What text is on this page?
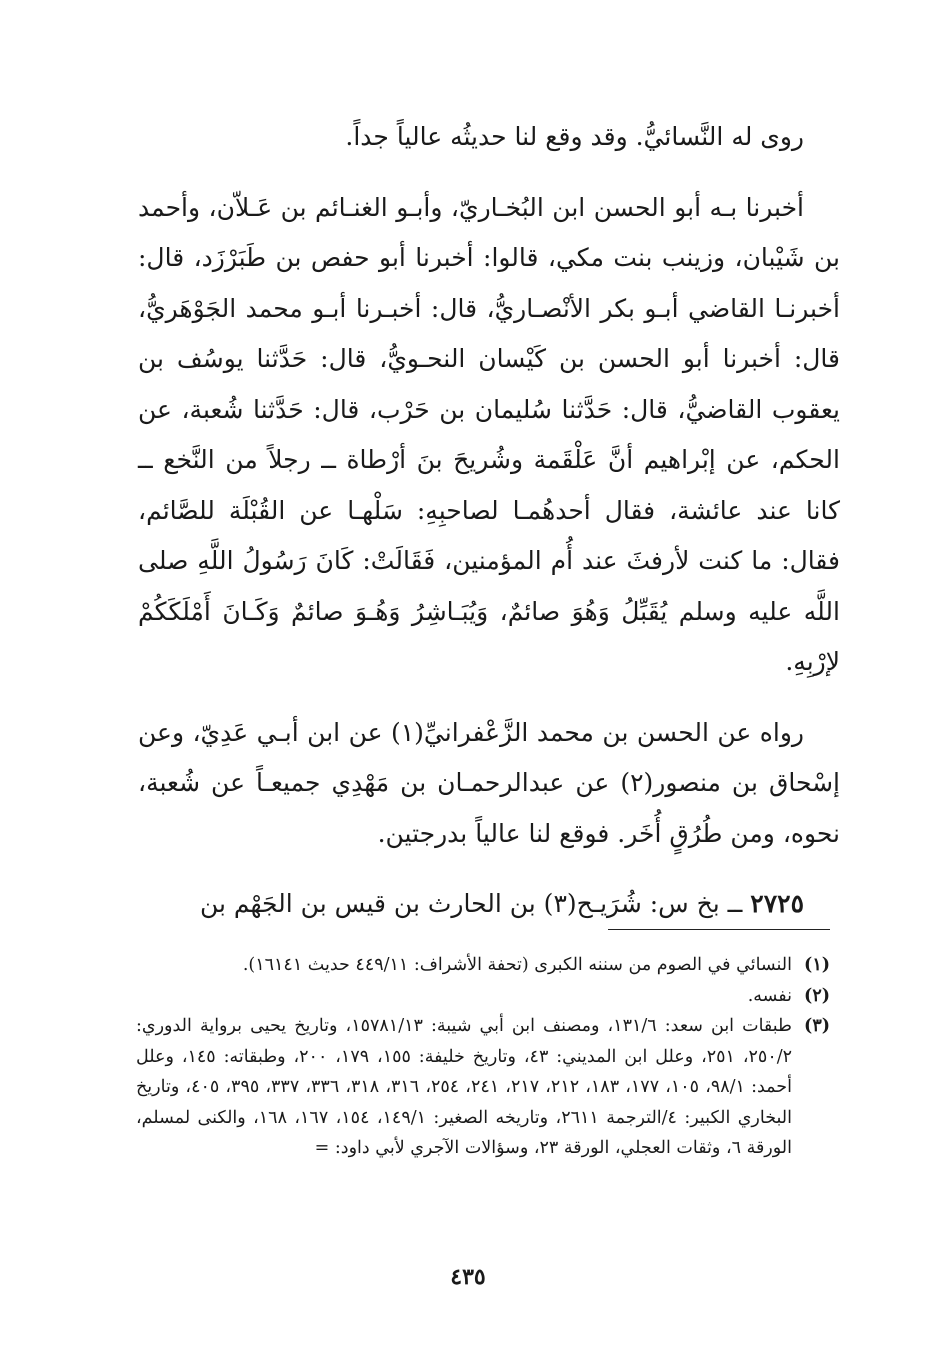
روى له النَّسائيُّ. وقد وقع لنا حديثُه عالياً جداً.

أخبرنا بـه أبو الحسن ابن البُخـاريّ، وأبـو الغنـائم بن عَـلاّن، وأحمد بن شَيْبان، وزينب بنت مكي، قالوا: أخبرنا أبو حفص بن طَبَرْزَد، قال: أخبرنـا القاضي أبـو بكر الأنْصـاريُّ، قال: أخبـرنا أبـو محمد الجَوْهَريُّ، قال: أخبرنا أبو الحسن بن كَيْسان النحـويُّ، قال: حَدَّثنا يوسُف بن يعقوب القاضيُّ، قال: حَدَّثنا سُليمان بن حَرْب، قال: حَدَّثنا شُعبة، عن الحكم، عن إبْراهيم أنَّ عَلْقَمة وشُريحَ بنَ أرْطاة ــ رجلاً من النَّخع ــ كانا عند عائشة، فقال أحدهُمـا لصاحبِهِ: سَلْهـا عن القُبْلَة للصَّائم، فقال: ما كنت لأرفثَ عند أُم المؤمنين، فَقَالَتْ: كَانَ رَسُولُ اللَّهِ صلى اللَّه عليه وسلم يُقَبِّلُ وَهُوَ صائمٌ، وَيُبَـاشِرُ وَهُـوَ صائمٌ وَكَـانَ أَمْلَكَكُمْ لإرْبِهِ.

رواه عن الحسن بن محمد الزَّعْفرانيِّ(١) عن ابن أبـي عَدِيّ، وعن إسْحاق بن منصور(٢) عن عبدالرحمـان بن مَهْدِي جميعـاً عن شُعبة، نحوه، ومن طُرُقٍ أُخَر. فوقع لنا عالياً بدرجتين.

٢٧٢٥ ــ بخ س: شُرَيـح(٣) بن الحارث بن قيس بن الجَهْم بن

(١)
النسائي في الصوم من سننه الكبرى (تحفة الأشراف: ٤٤٩/١١ حديث ١٦١٤١).

(٢)
نفسه.

(٣)
طبقات ابن سعد: ١٣١/٦، ومصنف ابن أبي شيبة: ١٥٧٨١/١٣، وتاريخ يحيى برواية الدوري: ٢٥٠/٢، ٢٥١، وعلل ابن المديني: ٤٣، وتاريخ خليفة: ١٥٥، ١٧٩، ٢٠٠، وطبقاته: ١٤٥، وعلل أحمد: ٩٨/١، ١٠٥، ١٧٧، ١٨٣، ٢١٢، ٢١٧، ٢٤١، ٢٥٤، ٣١٦، ٣١٨، ٣٣٦، ٣٣٧، ٣٩٥، ٤٠٥، وتاريخ البخاري الكبير: ٤/الترجمة ٢٦١١، وتاريخه الصغير: ١٤٩/١، ١٥٤، ١٦٧، ١٦٨، والكنى لمسلم، الورقة ٦، وثقات العجلي، الورقة ٢٣، وسؤالات الآجري لأبي داود: =

٤٣٥
